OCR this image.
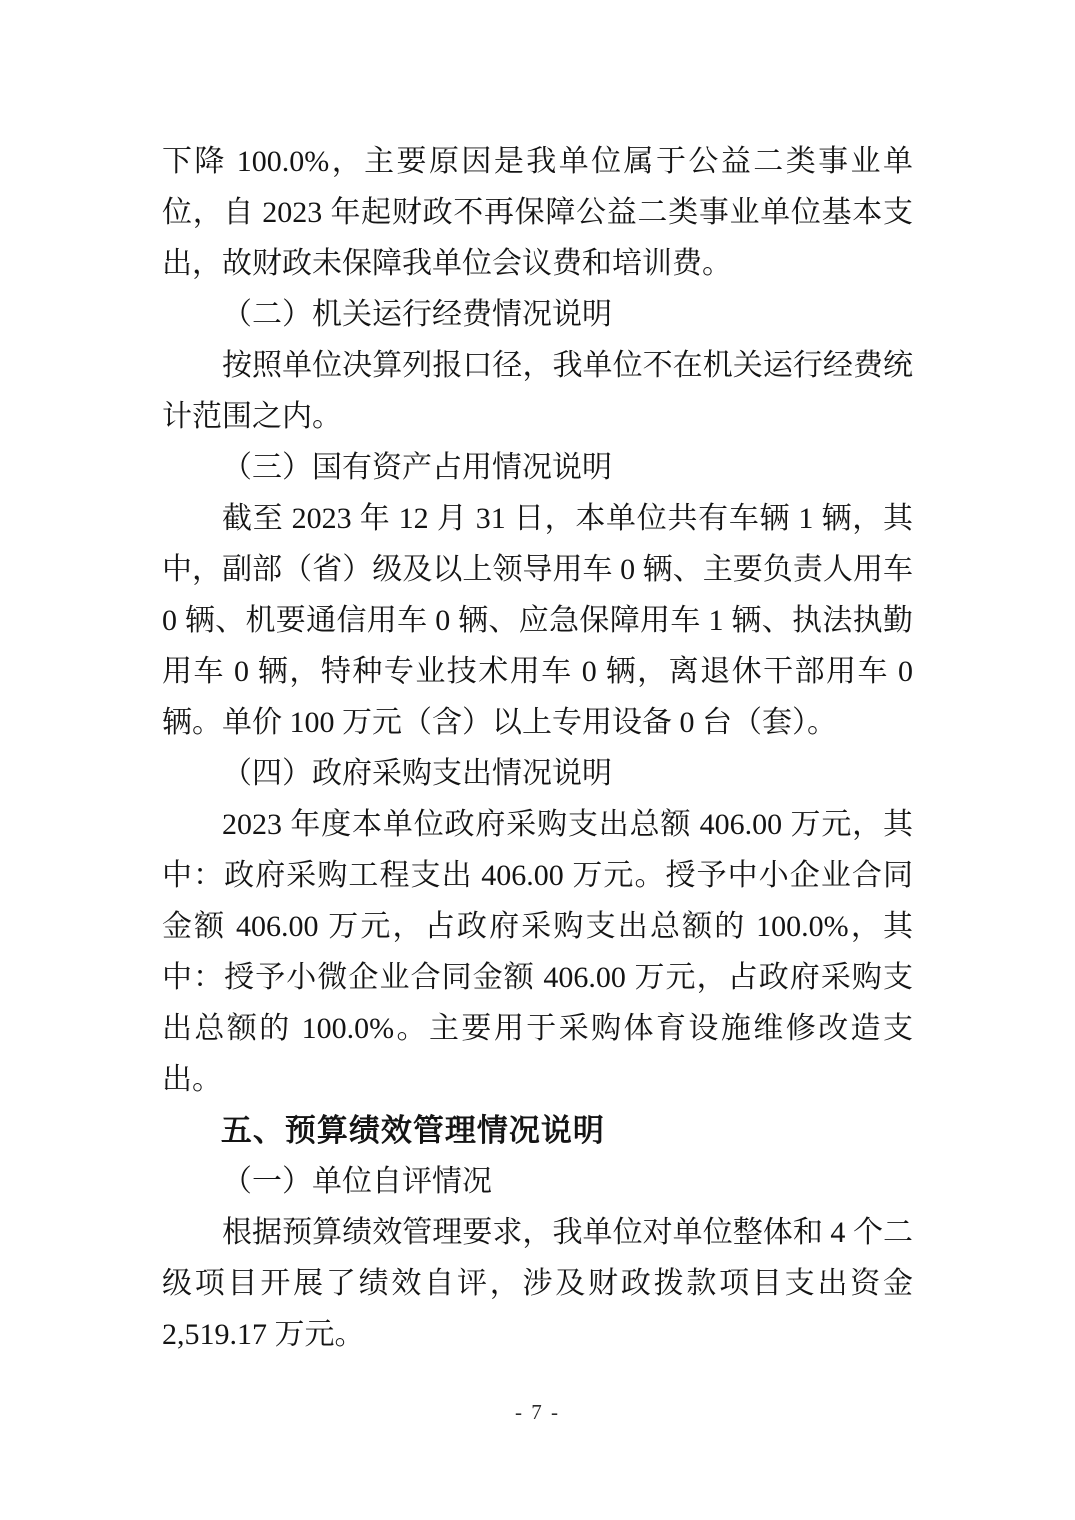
下降 100.0%，主要原因是我单位属于公益二类事业单位，自 2023 年起财政不再保障公益二类事业单位基本支出，故财政未保障我单位会议费和培训费。

（二）机关运行经费情况说明

按照单位决算列报口径，我单位不在机关运行经费统计范围之内。

（三）国有资产占用情况说明

截至 2023 年 12 月 31 日，本单位共有车辆 1 辆，其中，副部（省）级及以上领导用车 0 辆、主要负责人用车 0 辆、机要通信用车 0 辆、应急保障用车 1 辆、执法执勤用车 0 辆，特种专业技术用车 0 辆，离退休干部用车 0 辆。单价 100 万元（含）以上专用设备 0 台（套）。

（四）政府采购支出情况说明

2023 年度本单位政府采购支出总额 406.00 万元，其中：政府采购工程支出 406.00 万元。授予中小企业合同金额 406.00 万元，占政府采购支出总额的 100.0%，其中：授予小微企业合同金额 406.00 万元，占政府采购支出总额的 100.0%。主要用于采购体育设施维修改造支出。

五、预算绩效管理情况说明
（一）单位自评情况

根据预算绩效管理要求，我单位对单位整体和 4 个二级项目开展了绩效自评，涉及财政拨款项目支出资金 2,519.17 万元。

- 7 -
